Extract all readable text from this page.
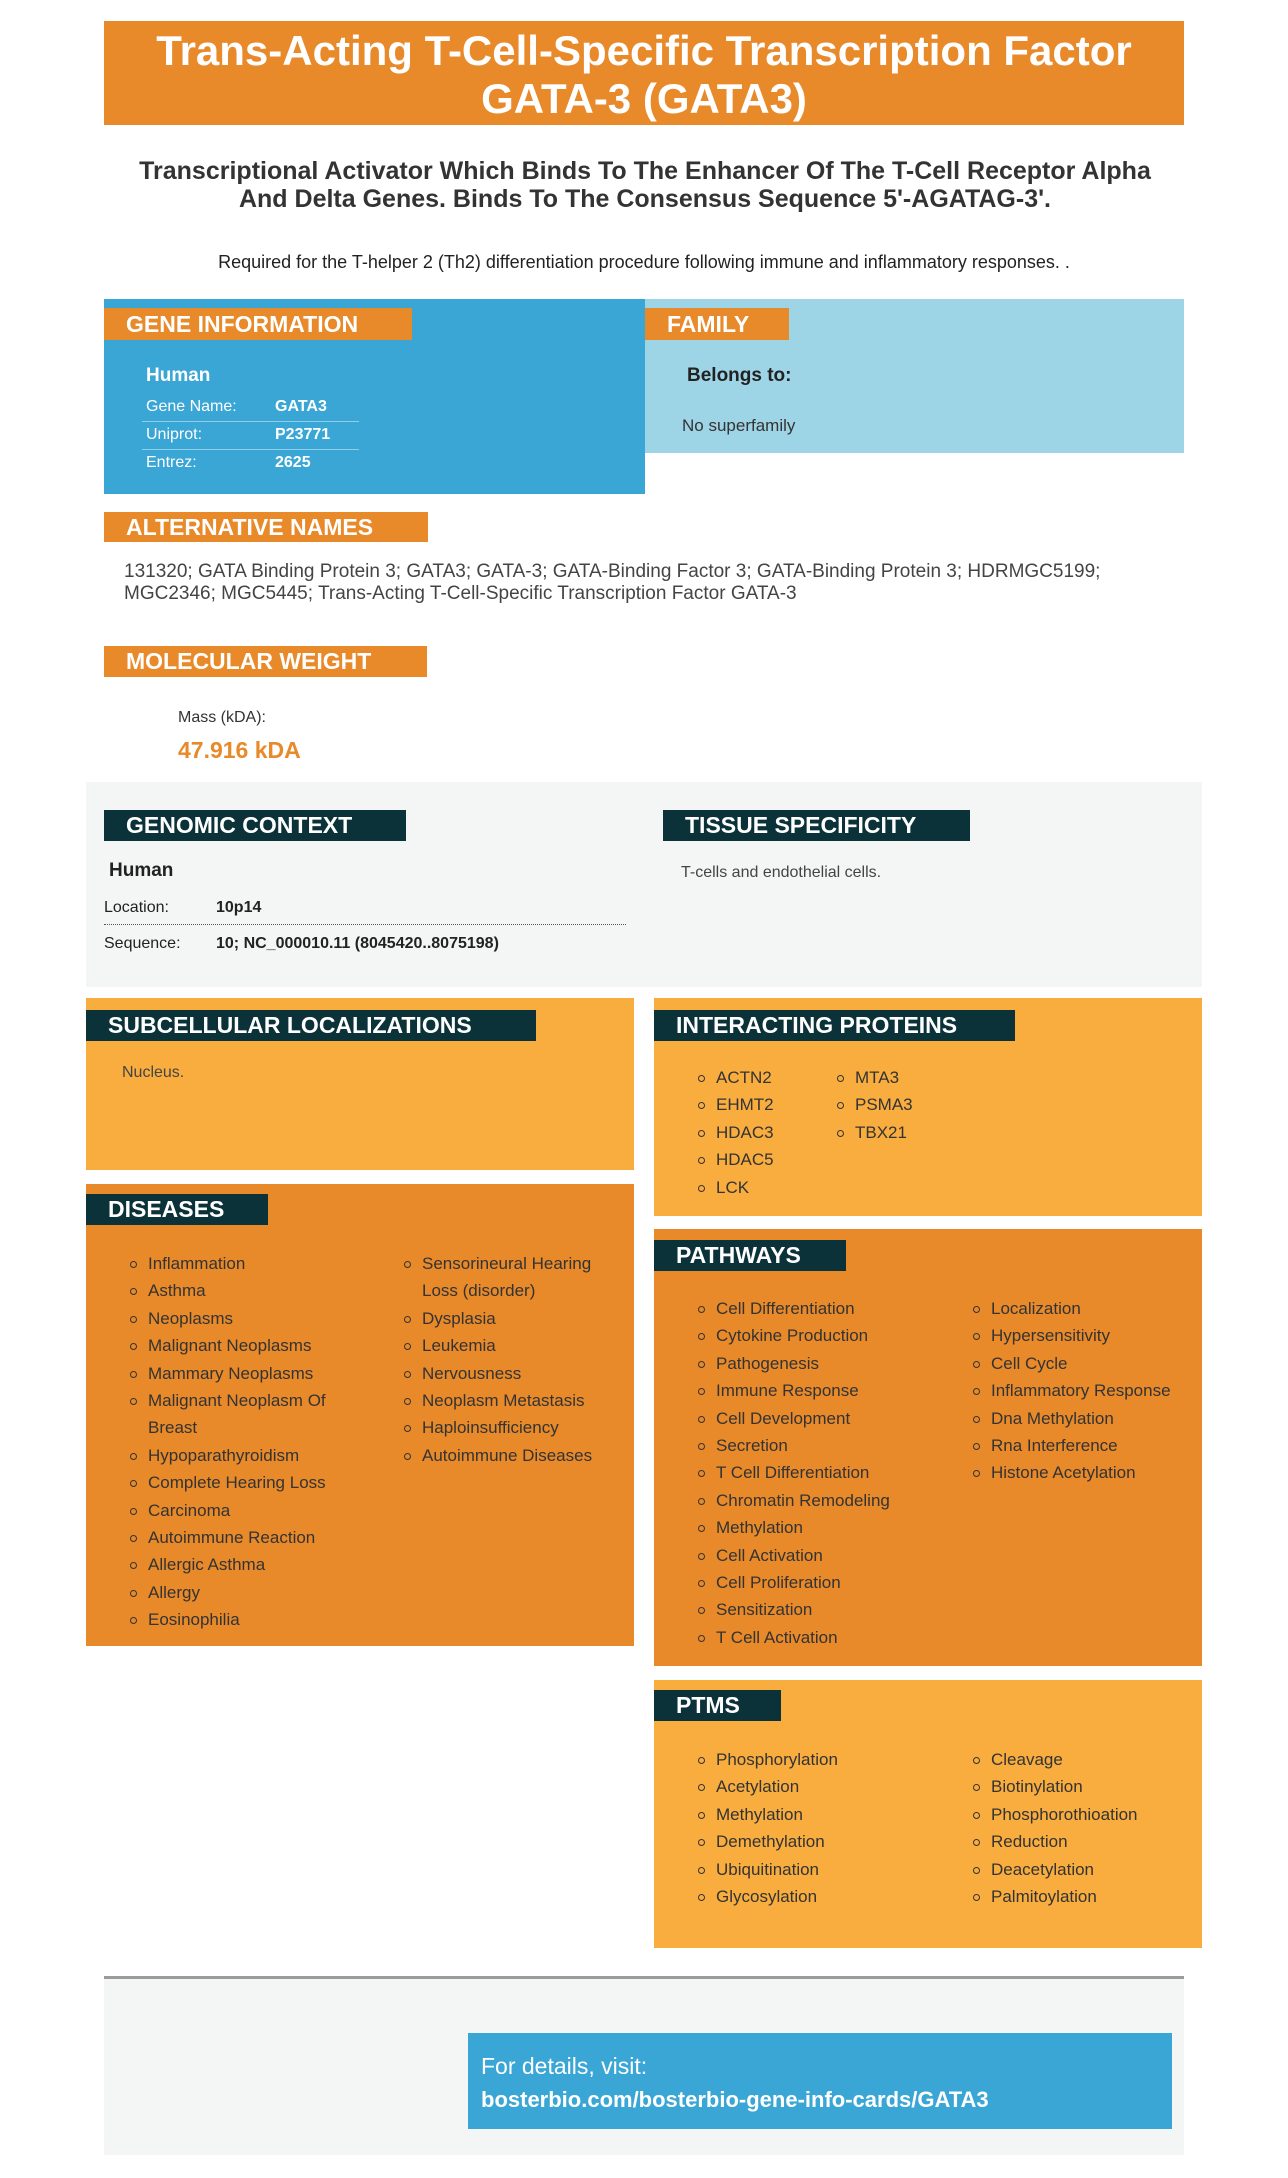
Trans-Acting T-Cell-Specific Transcription Factor GATA-3 (GATA3)
Transcriptional Activator Which Binds To The Enhancer Of The T-Cell Receptor Alpha And Delta Genes. Binds To The Consensus Sequence 5'-AGATAG-3'.
Required for the T-helper 2 (Th2) differentiation procedure following immune and inflammatory responses. .
Human
Gene Name:	GATA3
Uniprot:	P23771
Entrez:	2625
GENE INFORMATION
Belongs to:
No superfamily
FAMILY
ALTERNATIVE NAMES
131320; GATA Binding Protein 3; GATA3; GATA-3; GATA-Binding Factor 3; GATA-Binding Protein 3; HDRMGC5199; MGC2346; MGC5445; Trans-Acting T-Cell-Specific Transcription Factor GATA-3
MOLECULAR WEIGHT
Mass (kDA):
47.916 kDA
GENOMIC CONTEXT
Human
Location:	10p14
Sequence:	10; NC_000010.11 (8045420..8075198)
TISSUE SPECIFICITY
T-cells and endothelial cells.
Nucleus.
SUBCELLULAR LOCALIZATIONS
ACTN2
EHMT2
HDAC3
HDAC5
LCK
MTA3
PSMA3
TBX21
INTERACTING PROTEINS
Inflammation
Asthma
Neoplasms
Malignant Neoplasms
Mammary Neoplasms
Malignant Neoplasm Of Breast
Hypoparathyroidism
Complete Hearing Loss
Carcinoma
Autoimmune Reaction
Allergic Asthma
Allergy
Eosinophilia
Sensorineural Hearing Loss (disorder)
Dysplasia
Leukemia
Nervousness
Neoplasm Metastasis
Haploinsufficiency
Autoimmune Diseases
DISEASES
Cell Differentiation
Cytokine Production
Pathogenesis
Immune Response
Cell Development
Secretion
T Cell Differentiation
Chromatin Remodeling
Methylation
Cell Activation
Cell Proliferation
Sensitization
T Cell Activation
Localization
Hypersensitivity
Cell Cycle
Inflammatory Response
Dna Methylation
Rna Interference
Histone Acetylation
PATHWAYS
Phosphorylation
Acetylation
Methylation
Demethylation
Ubiquitination
Glycosylation
Cleavage
Biotinylation
Phosphorothioation
Reduction
Deacetylation
Palmitoylation
PTMS
For details, visit:
bosterbio.com/bosterbio-gene-info-cards/GATA3
